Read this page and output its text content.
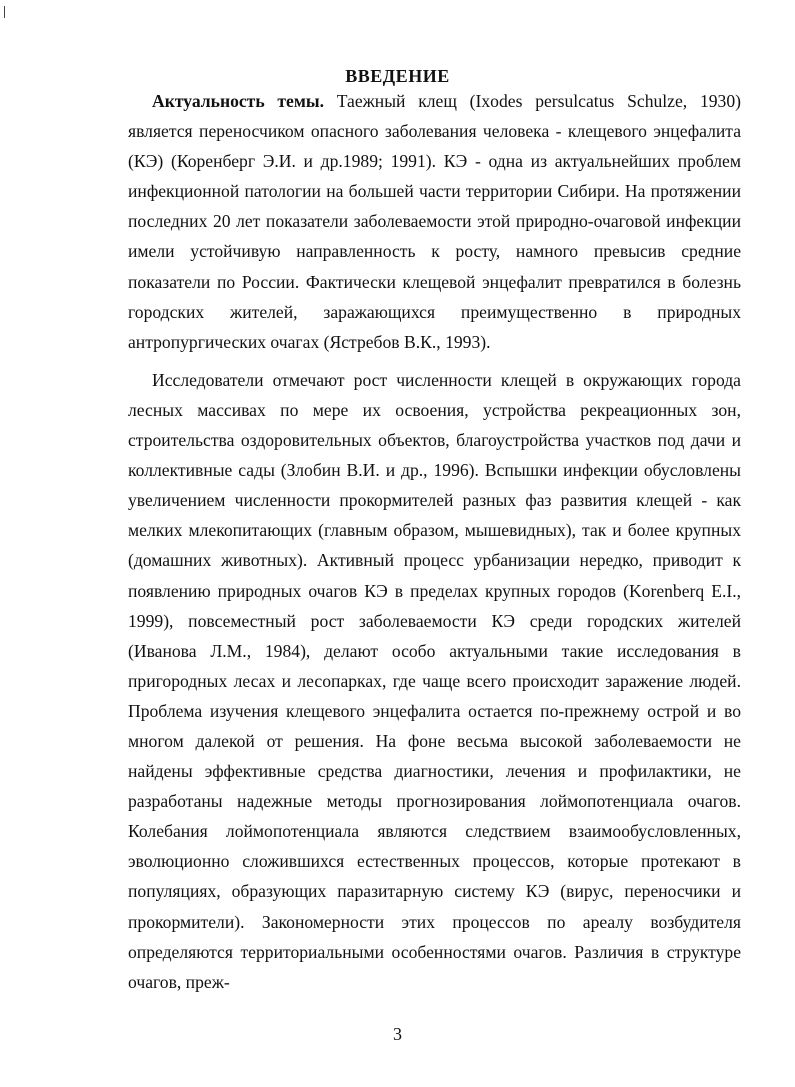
ВВЕДЕНИЕ

Актуальность темы. Таежный клещ (Ixodes persulcatus Schulze, 1930) является переносчиком опасного заболевания человека - клещевого энцефалита (КЭ) (Коренберг Э.И. и др.1989; 1991). КЭ - одна из актуальнейших проблем инфекционной патологии на большей части территории Сибири. На протяжении последних 20 лет показатели заболеваемости этой природно-очаговой инфекции имели устойчивую направленность к росту, намного превысив средние показатели по России. Фактически клещевой энцефалит превратился в болезнь городских жителей, заражающихся преимущественно в природных антропургических очагах (Ястребов В.К., 1993).

Исследователи отмечают рост численности клещей в окружающих города лесных массивах по мере их освоения, устройства рекреационных зон, строительства оздоровительных объектов, благоустройства участков под дачи и коллективные сады (Злобин В.И. и др., 1996). Вспышки инфекции обусловлены увеличением численности прокормителей разных фаз развития клещей - как мелких млекопитающих (главным образом, мышевидных), так и более крупных (домашних животных). Активный процесс урбанизации нередко, приводит к появлению природных очагов КЭ в пределах крупных городов (Korenberq E.I., 1999), повсеместный рост заболеваемости КЭ среди городских жителей (Иванова Л.М., 1984), делают особо актуальными такие исследования в пригородных лесах и лесопарках, где чаще всего происходит заражение людей. Проблема изучения клещевого энцефалита остается по-прежнему острой и во многом далекой от решения. На фоне весьма высокой заболеваемости не найдены эффективные средства диагностики, лечения и профилактики, не разработаны надежные методы прогнозирования лоймопотенциала очагов. Колебания лоймопотенциала являются следствием взаимообусловленных, эволюционно сложившихся естественных процессов, которые протекают в популяциях, образующих паразитарную систему КЭ (вирус, переносчики и прокормители). Закономерности этих процессов по ареалу возбудителя определяются территориальными особенностями очагов. Различия в структуре очагов, преж-

3
